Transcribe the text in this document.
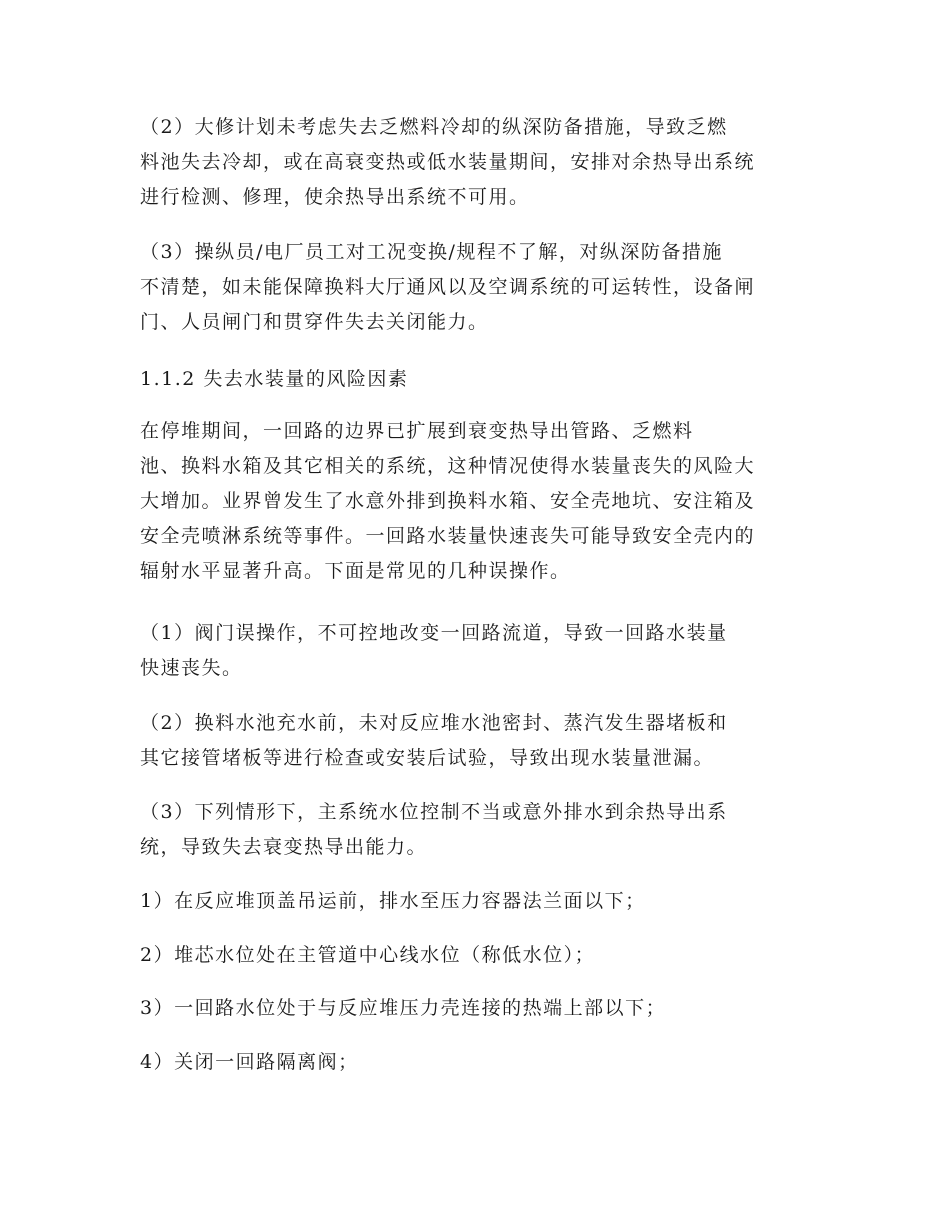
（2）大修计划未考虑失去乏燃料冷却的纵深防备措施，导致乏燃
料池失去冷却，或在高衰变热或低水装量期间，安排对余热导出系统
进行检测、修理，使余热导出系统不可用。

（3）操纵员/电厂员工对工况变换/规程不了解，对纵深防备措施
不清楚，如未能保障换料大厅通风以及空调系统的可运转性，设备闸
门、人员闸门和贯穿件失去关闭能力。

1.1.2 失去水装量的风险因素

在停堆期间，一回路的边界已扩展到衰变热导出管路、乏燃料
池、换料水箱及其它相关的系统，这种情况使得水装量丧失的风险大
大增加。业界曾发生了水意外排到换料水箱、安全壳地坑、安注箱及
安全壳喷淋系统等事件。一回路水装量快速丧失可能导致安全壳内的
辐射水平显著升高。下面是常见的几种误操作。

（1）阀门误操作，不可控地改变一回路流道，导致一回路水装量
快速丧失。

（2）换料水池充水前，未对反应堆水池密封、蒸汽发生器堵板和
其它接管堵板等进行检查或安装后试验，导致出现水装量泄漏。

（3）下列情形下，主系统水位控制不当或意外排水到余热导出系
统，导致失去衰变热导出能力。

1）在反应堆顶盖吊运前，排水至压力容器法兰面以下；

2）堆芯水位处在主管道中心线水位（称低水位）；

3）一回路水位处于与反应堆压力壳连接的热端上部以下；

4）关闭一回路隔离阀；
